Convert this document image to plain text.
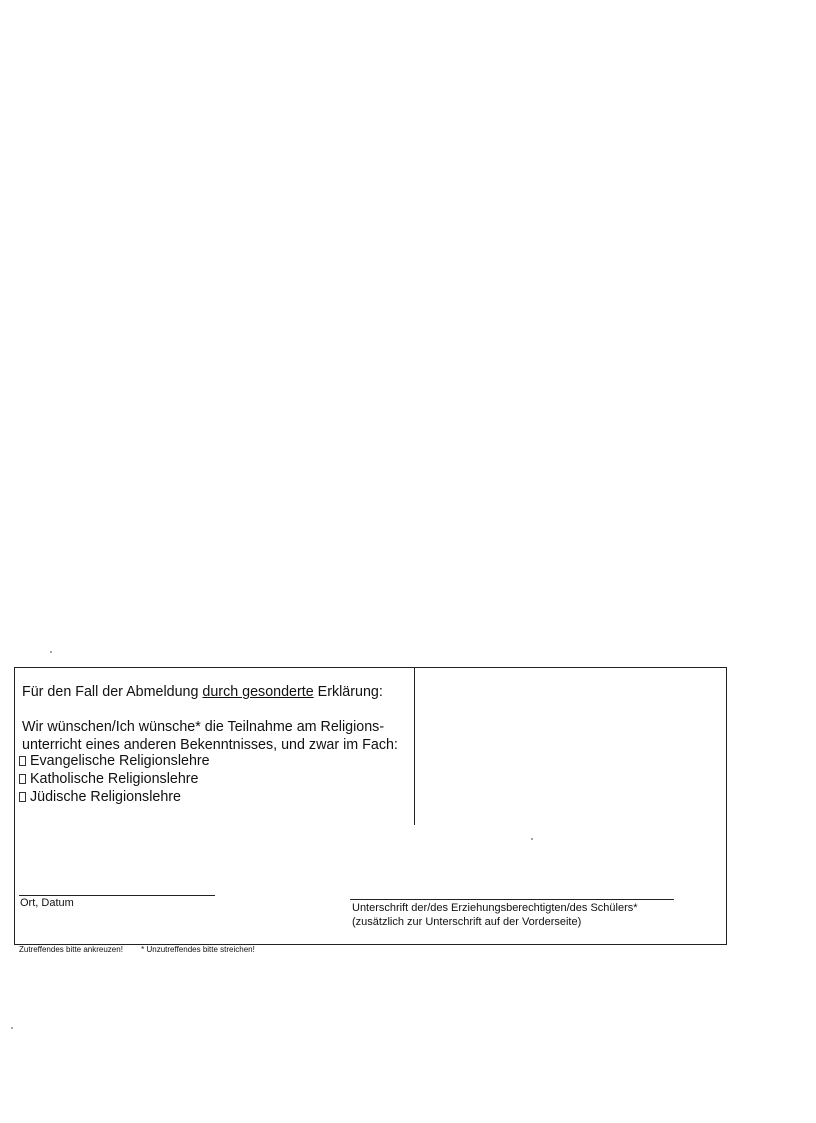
Für den Fall der Abmeldung durch gesonderte Erklärung:
Wir wünschen/Ich wünsche* die Teilnahme am Religions-
unterricht eines anderen Bekenntnisses, und zwar im Fach:
Evangelische Religionslehre
Katholische Religionslehre
Jüdische Religionslehre
Ort, Datum	Unterschrift der/des Erziehungsberechtigten/des Schülers*
(zusätzlich zur Unterschrift auf der Vorderseite)
Zutreffendes bitte ankreuzen! * Unzutreffendes bitte streichen!
